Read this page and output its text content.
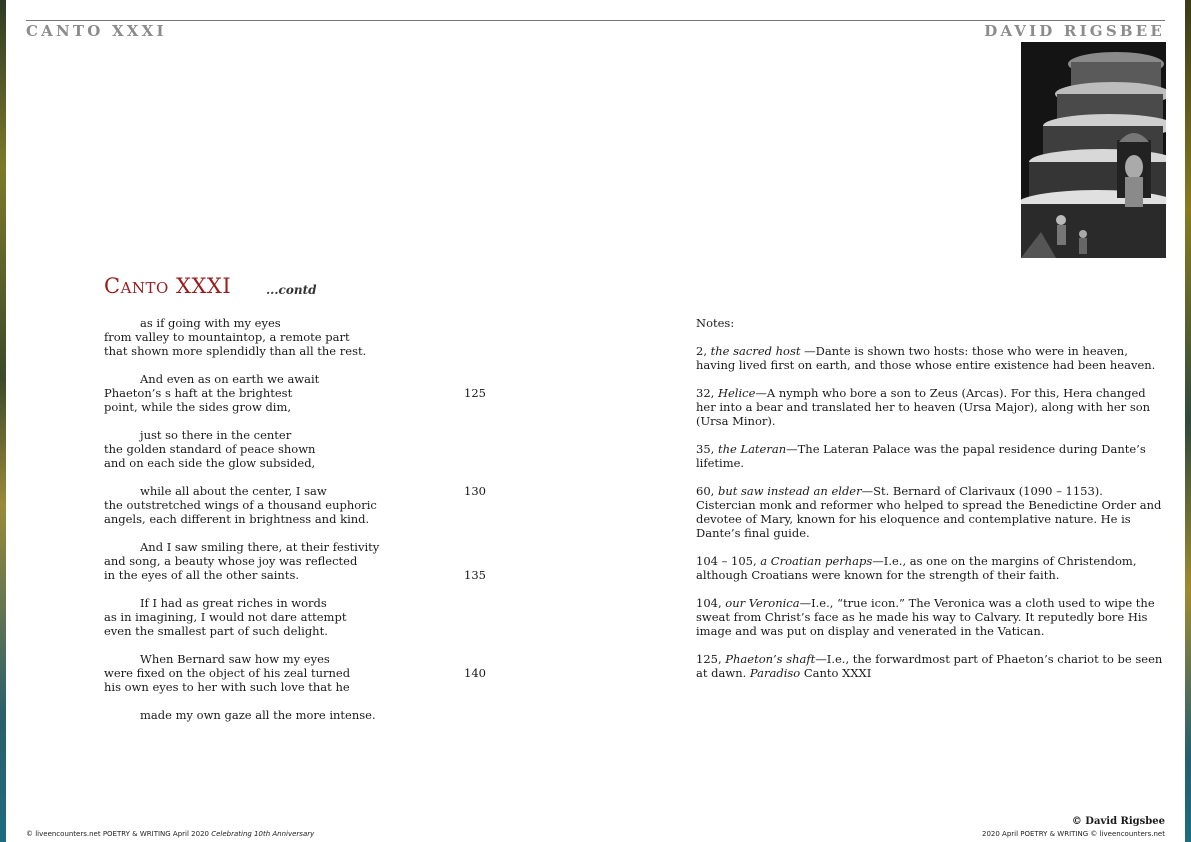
CANTO XXXI	DAVID RIGSBEE
Canto XXXI	...contd
as if going with my eyes
from valley to mountaintop, a remote part
that shown more splendidly than all the rest.
And even as on earth we await
Phaeton’s s haft at the brightest	125
point, while the sides grow dim,
just so there in the center
the golden standard of peace shown
and on each side the glow subsided,
while all about the center, I saw	130
the outstretched wings of a thousand euphoric
angels, each different in brightness and kind.
And I saw smiling there, at their festivity
and song, a beauty whose joy was reflected
in the eyes of all the other saints.	135
If I had as great riches in words
as in imagining, I would not dare attempt
even the smallest part of such delight.
When Bernard saw how my eyes
were fixed on the object of his zeal turned	140
his own eyes to her with such love that he
made my own gaze all the more intense.
Notes:
2, the sacred host —Dante is shown two hosts: those who were in heaven, having lived first on earth, and those whose entire existence had been heaven.
32, Helice—A nymph who bore a son to Zeus (Arcas). For this, Hera changed her into a bear and translated her to heaven (Ursa Major), along with her son (Ursa Minor).
35, the Lateran—The Lateran Palace was the papal residence during Dante’s lifetime.
60, but saw instead an elder—St. Bernard of Clarivaux (1090 – 1153). Cistercian monk and reformer who helped to spread the Benedictine Order and devotee of Mary, known for his eloquence and contemplative nature. He is Dante’s final guide.
104 – 105, a Croatian perhaps—I.e., as one on the margins of Christendom, although Croatians were known for the strength of their faith.
104, our Veronica—I.e., “true icon.” The Veronica was a cloth used to wipe the sweat from Christ’s face as he made his way to Calvary. It reputedly bore His image and was put on display and venerated in the Vatican.
125, Phaeton’s shaft—I.e., the forwardmost part of Phaeton’s chariot to be seen at dawn. Paradiso Canto XXXI
© liveencounters.net POETRY & WRITING April 2020 Celebrating 10th Anniversary
© David Rigsbee
2020 April POETRY & WRITING © liveencounters.net
